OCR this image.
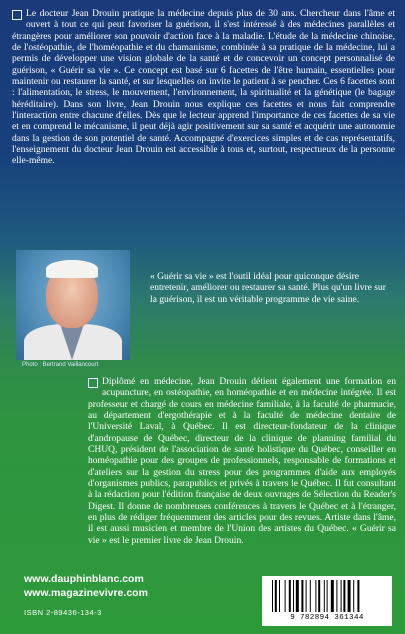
Le docteur Jean Drouin pratique la médecine depuis plus de 30 ans. Chercheur dans l'âme et ouvert à tout ce qui peut favoriser la guérison, il s'est intéressé à des médecines parallèles et étrangères pour améliorer son pouvoir d'action face à la maladie. L'étude de la médecine chinoise, de l'ostéopathie, de l'homéopathie et du chamanisme, combinée à sa pratique de la médecine, lui a permis de développer une vision globale de la santé et de concevoir un concept personnalisé de guérison, « Guérir sa vie ». Ce concept est basé sur 6 facettes de l'être humain, essentielles pour maintenir ou restaurer la santé, et sur lesquelles on invite le patient à se pencher. Ces 6 facettes sont : l'alimentation, le stress, le mouvement, l'environnement, la spiritualité et la génétique (le bagage héréditaire). Dans son livre, Jean Drouin nous explique ces facettes et nous fait comprendre l'interaction entre chacune d'elles. Dès que le lecteur apprend l'importance de ces facettes de sa vie et en comprend le mécanisme, il peut déjà agir positivement sur sa santé et acquérir une autonomie dans la gestion de son potentiel de santé. Accompagné d'exercices simples et de cas représentatifs, l'enseignement du docteur Jean Drouin est accessible à tous et, surtout, respectueux de la personne elle-même.
Photo : Bertrand Vaillancourt
« Guérir sa vie » est l'outil idéal pour quiconque désire entretenir, améliorer ou restaurer sa santé. Plus qu'un livre sur la guérison, il est un véritable programme de vie saine.
Diplômé en médecine, Jean Drouin détient également une formation en acupuncture, en ostéopathie, en homéopathie et en médecine intégrée. Il est professeur et chargé de cours en médecine familiale, à la faculté de pharmacie, au département d'ergothérapie et à la faculté de médecine dentaire de l'Université Laval, à Québec. Il est directeur-fondateur de la clinique d'andropause de Québec, directeur de la clinique de planning familial du CHUQ, président de l'association de santé holistique du Québec, conseiller en homéopathie pour des groupes de professionnels, responsable de formations et d'ateliers sur la gestion du stress pour des programmes d'aide aux employés d'organismes publics, parapublics et privés à travers le Québec. Il fut consultant à la rédaction pour l'édition française de deux ouvrages de Sélection du Reader's Digest. Il donne de nombreuses conférences à travers le Québec et à l'étranger, en plus de rédiger fréquemment des articles pour des revues. Artiste dans l'âme, il est aussi musicien et membre de l'Union des artistes du Québec. « Guérir sa vie » est le premier livre de Jean Drouin.
www.dauphinblanc.com
www.magazinevivre.com
ISBN 2-89436-134-3
9 782894 361344
